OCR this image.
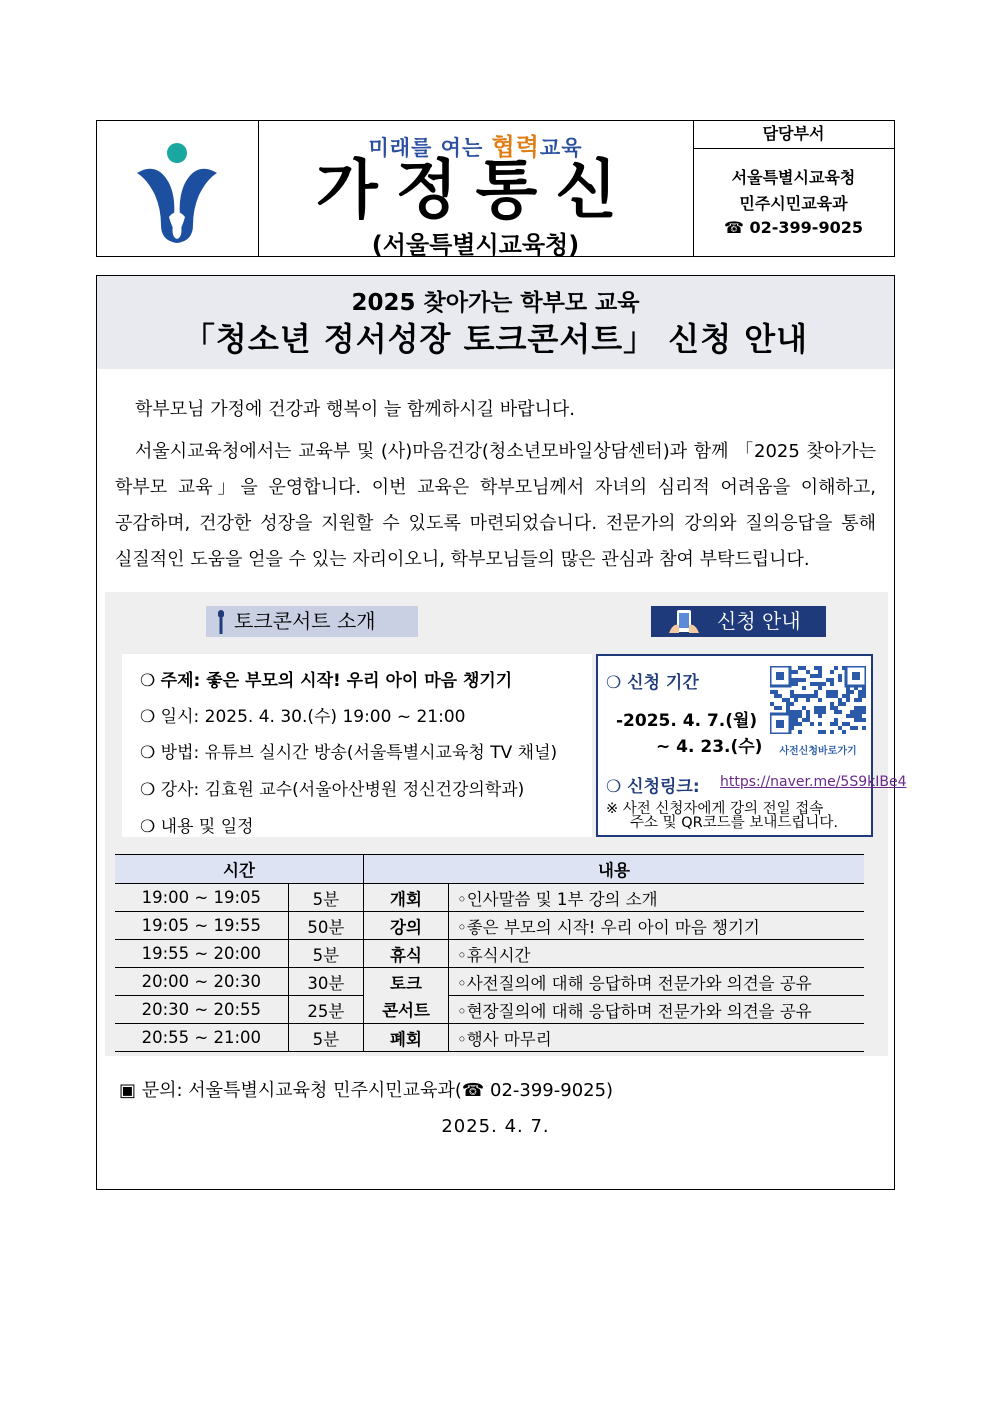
미래를 여는 협력교육
가정통신
(서울특별시교육청)
담당부서
서울특별시교육청
민주시민교육과
☎ 02-399-9025
2025 찾아가는 학부모 교육
「청소년 정서성장 토크콘서트」 신청 안내
학부모님 가정에 건강과 행복이 늘 함께하시길 바랍니다.
서울시교육청에서는 교육부 및 (사)마음건강(청소년모바일상담센터)과 함께 「2025 찾아가는
학부모 교육」을 운영합니다. 이번 교육은 학부모님께서 자녀의 심리적 어려움을 이해하고,
공감하며, 건강한 성장을 지원할 수 있도록 마련되었습니다. 전문가의 강의와 질의응답을 통해
실질적인 도움을 얻을 수 있는 자리이오니, 학부모님들의 많은 관심과 참여 부탁드립니다.
토크콘서트 소개	신청 안내
❍ 주제: 좋은 부모의 시작! 우리 아이 마음 챙기기
❍ 일시: 2025. 4. 30.(수) 19:00 ~ 21:00
❍ 방법: 유튜브 실시간 방송(서울특별시교육청 TV 채널)
❍ 강사: 김효원 교수(서울아산병원 정신건강의학과)
❍ 내용 및 일정
❍ 신청 기간
-2025. 4. 7.(월)
~ 4. 23.(수)
❍ 신청링크: https://naver.me/5S9kIBe4
※ 사전 신청자에게 강의 전일 접속
주소 및 QR코드를 보내드립니다.
사전신청바로가기
시간		내용	
19:00 ~ 19:05	5분	개회	◦인사말씀 및 1부 강의 소개
19:05 ~ 19:55	50분	강의	◦좋은 부모의 시작! 우리 아이 마음 챙기기
19:55 ~ 20:00	5분	휴식	◦휴식시간
20:00 ~ 20:30	30분	토크	◦사전질의에 대해 응답하며 전문가와 의견을 공유
20:30 ~ 20:55	25분	콘서트	◦현장질의에 대해 응답하며 전문가와 의견을 공유
20:55 ~ 21:00	5분	폐회	◦행사 마무리
▣ 문의: 서울특별시교육청 민주시민교육과(☎ 02-399-9025)
2025. 4. 7.
